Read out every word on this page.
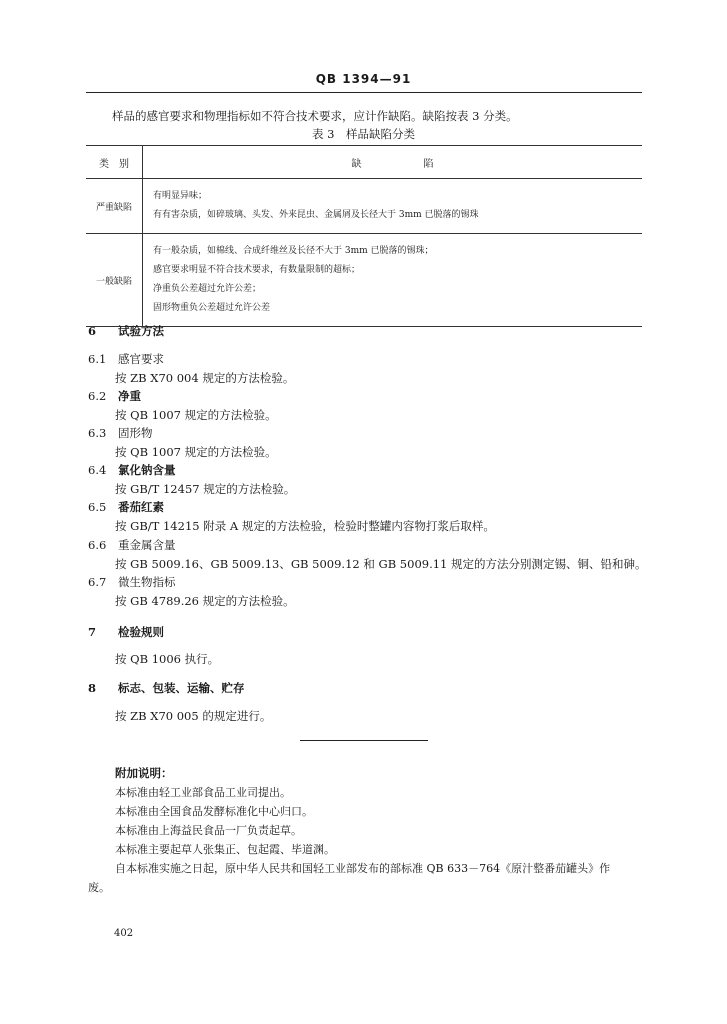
QB 1394—91
样品的感官要求和物理指标如不符合技术要求，应计作缺陷。缺陷按表 3 分类。
表 3　样品缺陷分类
类　别	缺陷
严重缺陷	有明显异味；
有有害杂质，如碎玻璃、头发、外来昆虫、金属屑及长径大于 3mm 已脱落的锡珠

一般缺陷	有一般杂质，如棉线、合成纤维丝及长径不大于 3mm 已脱落的锡珠；
感官要求明显不符合技术要求，有数量限制的超标；
净重负公差超过允许公差；
固形物重负公差超过允许公差
6 试验方法
6.1 感官要求
按 ZB X70 004 规定的方法检验。
6.2 净重
按 QB 1007 规定的方法检验。
6.3 固形物
按 QB 1007 规定的方法检验。
6.4 氯化钠含量
按 GB/T 12457 规定的方法检验。
6.5 番茄红素
按 GB/T 14215 附录 A 规定的方法检验，检验时整罐内容物打浆后取样。
6.6 重金属含量
按 GB 5009.16、GB 5009.13、GB 5009.12 和 GB 5009.11 规定的方法分别测定锡、铜、铅和砷。
6.7 微生物指标
按 GB 4789.26 规定的方法检验。
7 检验规则
按 QB 1006 执行。
8 标志、包装、运输、贮存
按 ZB X70 005 的规定进行。
附加说明：
本标准由轻工业部食品工业司提出。
本标准由全国食品发酵标准化中心归口。
本标准由上海益民食品一厂负责起草。
本标准主要起草人张集正、包起霞、毕道渊。
自本标准实施之日起，原中华人民共和国轻工业部发布的部标准 QB 633－764《原汁整番茄罐头》作
废。
402
